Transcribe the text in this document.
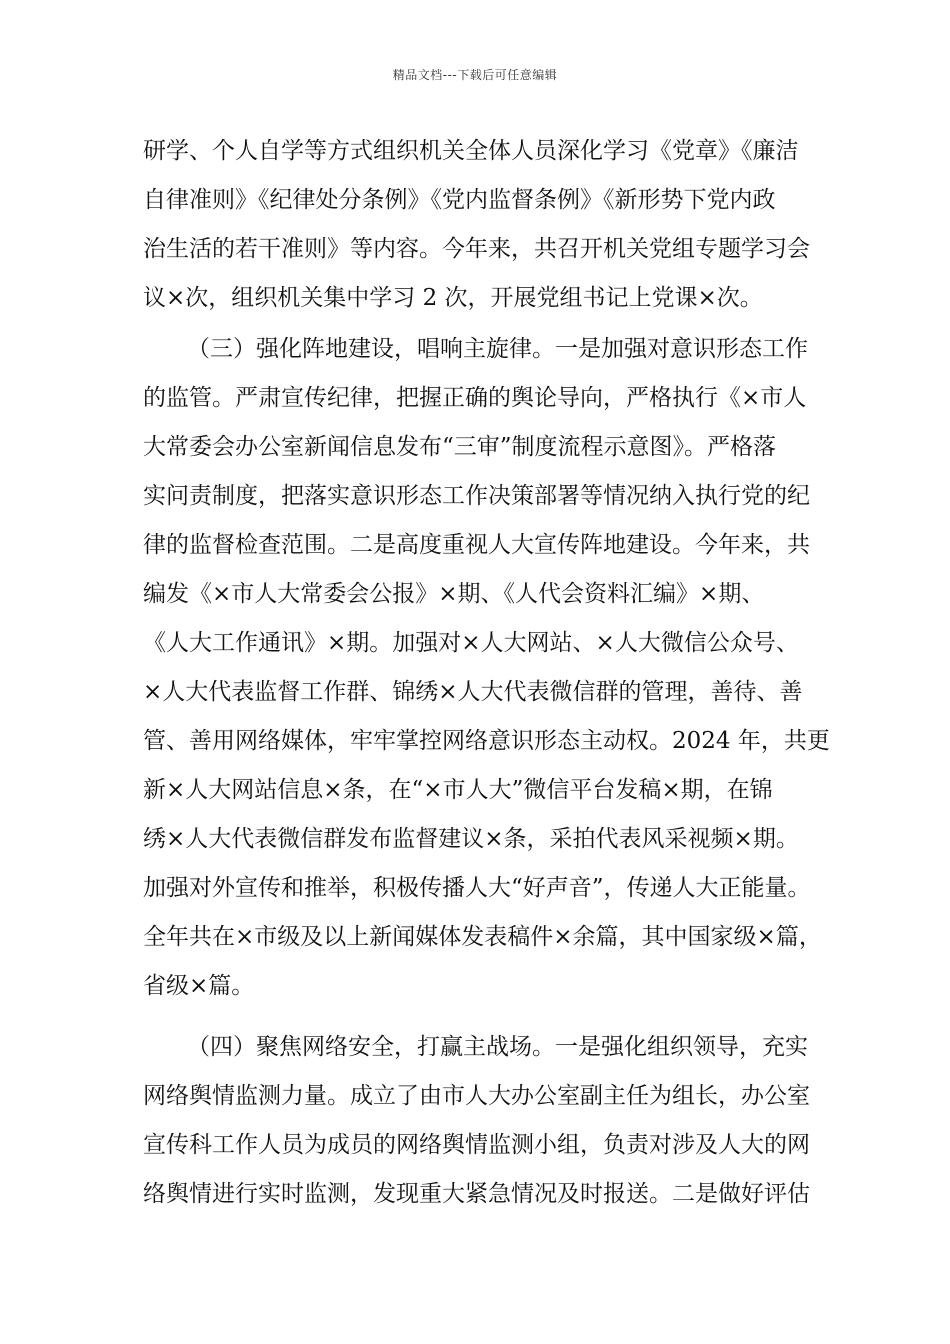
精品文档---下载后可任意编辑
研学、个人自学等方式组织机关全体人员深化学习《党章》《廉洁
自律准则》《纪律处分条例》《党内监督条例》《新形势下党内政
治生活的若干准则》等内容。今年来，共召开机关党组专题学习会
议×次，组织机关集中学习 2 次，开展党组书记上党课×次。
（三）强化阵地建设，唱响主旋律。一是加强对意识形态工作
的监管。严肃宣传纪律，把握正确的舆论导向，严格执行《×市人
大常委会办公室新闻信息发布“三审”制度流程示意图》。严格落
实问责制度，把落实意识形态工作决策部署等情况纳入执行党的纪
律的监督检查范围。二是高度重视人大宣传阵地建设。今年来，共
编发《×市人大常委会公报》×期、《人代会资料汇编》×期、
《人大工作通讯》×期。加强对×人大网站、×人大微信公众号、
×人大代表监督工作群、锦绣×人大代表微信群的管理，善待、善
管、善用网络媒体，牢牢掌控网络意识形态主动权。2024 年，共更
新×人大网站信息×条，在“×市人大”微信平台发稿×期，在锦
绣×人大代表微信群发布监督建议×条，采拍代表风采视频×期。
加强对外宣传和推举，积极传播人大“好声音”，传递人大正能量。
全年共在×市级及以上新闻媒体发表稿件×余篇，其中国家级×篇，
省级×篇。
（四）聚焦网络安全，打赢主战场。一是强化组织领导，充实
网络舆情监测力量。成立了由市人大办公室副主任为组长，办公室
宣传科工作人员为成员的网络舆情监测小组，负责对涉及人大的网
络舆情进行实时监测，发现重大紧急情况及时报送。二是做好评估
